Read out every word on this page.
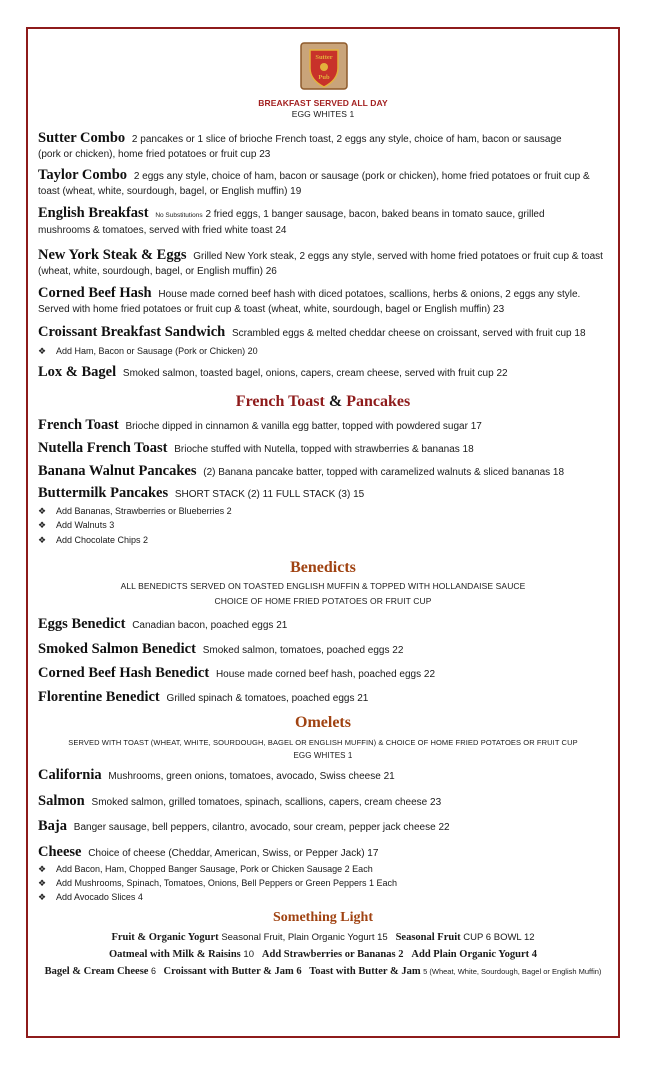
Sutter
Pub
BREAKFAST SERVED ALL DAY
EGG WHITES 1
Sutter Combo 2 pancakes or 1 slice of brioche French toast, 2 eggs any style, choice of ham, bacon or sausage
(pork or chicken), home fried potatoes or fruit cup 23
Taylor Combo 2 eggs any style, choice of ham, bacon or sausage (pork or chicken), home fried potatoes or fruit cup &
toast (wheat, white, sourdough, bagel, or English muffin) 19
English Breakfast No Substitutions 2 fried eggs, 1 banger sausage, bacon, baked beans in tomato sauce, grilled
mushrooms & tomatoes, served with fried white toast 24
New York Steak & Eggs Grilled New York steak, 2 eggs any style, served with home fried potatoes or fruit cup & toast
(wheat, white, sourdough, bagel, or English muffin) 26
Corned Beef Hash House made corned beef hash with diced potatoes, scallions, herbs & onions, 2 eggs any style.
Served with home fried potatoes or fruit cup & toast (wheat, white, sourdough, bagel or English muffin) 23
Croissant Breakfast Sandwich Scrambled eggs & melted cheddar cheese on croissant, served with fruit cup 18
❖ Add Ham, Bacon or Sausage (Pork or Chicken) 20
Lox & Bagel Smoked salmon, toasted bagel, onions, capers, cream cheese, served with fruit cup 22
French Toast & Pancakes
French Toast Brioche dipped in cinnamon & vanilla egg batter, topped with powdered sugar 17
Nutella French Toast Brioche stuffed with Nutella, topped with strawberries & bananas 18
Banana Walnut Pancakes (2) Banana pancake batter, topped with caramelized walnuts & sliced bananas 18
Buttermilk Pancakes SHORT STACK (2) 11 FULL STACK (3) 15
❖ Add Bananas, Strawberries or Blueberries 2
❖ Add Walnuts 3
❖ Add Chocolate Chips 2
Benedicts
ALL BENEDICTS SERVED ON TOASTED ENGLISH MUFFIN & TOPPED WITH HOLLANDAISE SAUCE
CHOICE OF HOME FRIED POTATOES OR FRUIT CUP
Eggs Benedict Canadian bacon, poached eggs 21
Smoked Salmon Benedict Smoked salmon, tomatoes, poached eggs 22
Corned Beef Hash Benedict House made corned beef hash, poached eggs 22
Florentine Benedict Grilled spinach & tomatoes, poached eggs 21
Omelets
SERVED WITH TOAST (WHEAT, WHITE, SOURDOUGH, BAGEL OR ENGLISH MUFFIN) & CHOICE OF HOME FRIED POTATOES OR FRUIT CUP
EGG WHITES 1
California Mushrooms, green onions, tomatoes, avocado, Swiss cheese 21
Salmon Smoked salmon, grilled tomatoes, spinach, scallions, capers, cream cheese 23
Baja Banger sausage, bell peppers, cilantro, avocado, sour cream, pepper jack cheese 22
Cheese Choice of cheese (Cheddar, American, Swiss, or Pepper Jack) 17
❖ Add Bacon, Ham, Chopped Banger Sausage, Pork or Chicken Sausage 2 Each
❖ Add Mushrooms, Spinach, Tomatoes, Onions, Bell Peppers or Green Peppers 1 Each
❖ Add Avocado Slices 4
Something Light
Fruit & Organic Yogurt Seasonal Fruit, Plain Organic Yogurt 15 Seasonal Fruit CUP 6 BOWL 12
Oatmeal with Milk & Raisins 10 Add Strawberries or Bananas 2 Add Plain Organic Yogurt 4
Bagel & Cream Cheese 6 Croissant with Butter & Jam 6 Toast with Butter & Jam 5 (Wheat, White, Sourdough, Bagel or English Muffin)
